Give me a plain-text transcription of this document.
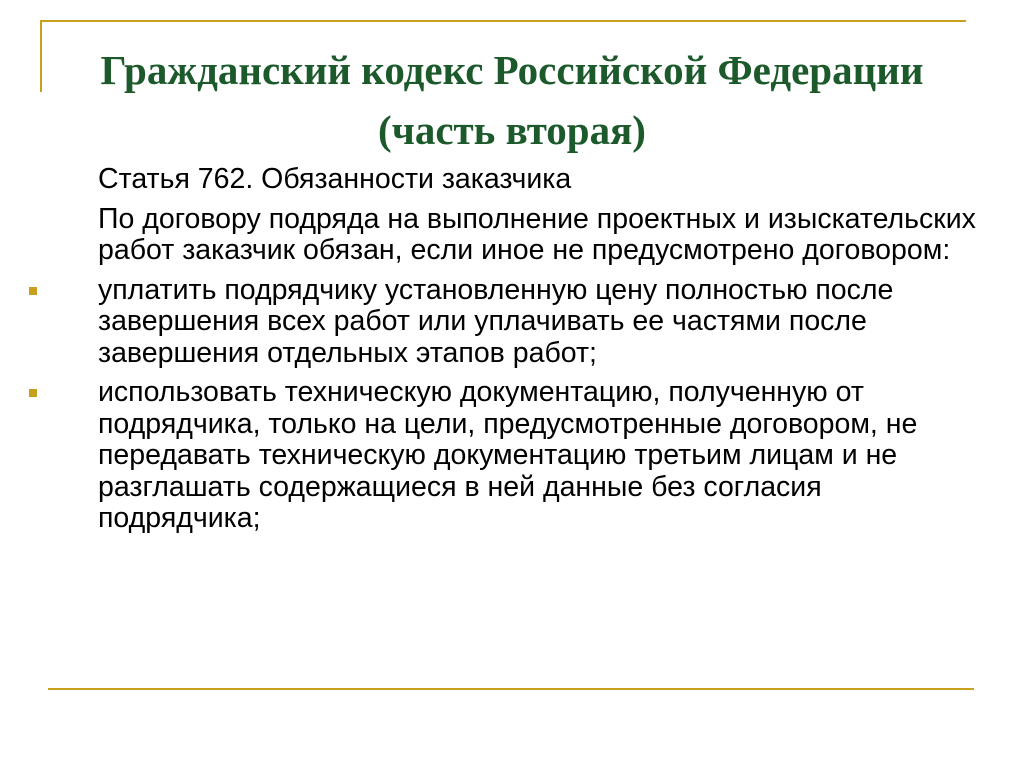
Гражданский кодекс Российской Федерации (часть вторая)

Статья 762. Обязанности заказчика

По договору подряда на выполнение проектных и изыскательских работ заказчик обязан, если иное не предусмотрено договором:

уплатить подрядчику установленную цену полностью после завершения всех работ или уплачивать ее частями после завершения отдельных этапов работ;
использовать техническую документацию, полученную от подрядчика, только на цели, предусмотренные договором, не передавать техническую документацию третьим лицам и не разглашать содержащиеся в ней данные без согласия подрядчика;
